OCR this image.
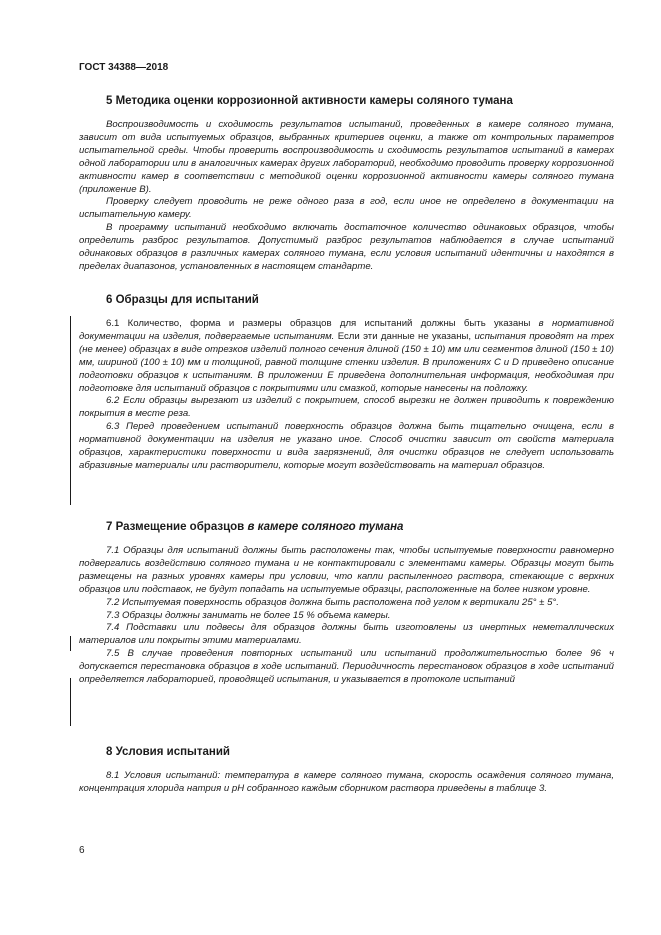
ГОСТ 34388—2018
5 Методика оценки коррозионной активности камеры соляного тумана

Воспроизводимость и сходимость результатов испытаний, проведенных в камере соляного тумана, зависит от вида испытуемых образцов, выбранных критериев оценки, а также от контрольных параметров испытательной среды. Чтобы проверить воспроизводимость и сходимость результатов испытаний в камерах одной лаборатории или в аналогичных камерах других лабораторий, необходимо проводить проверку коррозионной активности камер в соответствии с методикой оценки коррозионной активности камеры соляного тумана (приложение B).

Проверку следует проводить не реже одного раза в год, если иное не определено в документации на испытательную камеру.

В программу испытаний необходимо включать достаточное количество одинаковых образцов, чтобы определить разброс результатов. Допустимый разброс результатов наблюдается в случае испытаний одинаковых образцов в различных камерах соляного тумана, если условия испытаний идентичны и находятся в пределах диапазонов, установленных в настоящем стандарте.

6 Образцы для испытаний

6.1 Количество, форма и размеры образцов для испытаний должны быть указаны в нормативной документации на изделия, подвергаемые испытаниям. Если эти данные не указаны, испытания проводят на трех (не менее) образцах в виде отрезков изделий полного сечения длиной (150 ± 10) мм или сегментов длиной (150 ± 10) мм, шириной (100 ± 10) мм и толщиной, равной толщине стенки изделия. В приложениях C и D приведено описание подготовки образцов к испытаниям. В приложении E приведена дополнительная информация, необходимая при подготовке для испытаний образцов с покрытиями или смазкой, которые нанесены на подложку.

6.2 Если образцы вырезают из изделий с покрытием, способ вырезки не должен приводить к повреждению покрытия в месте реза.

6.3 Перед проведением испытаний поверхность образцов должна быть тщательно очищена, если в нормативной документации на изделия не указано иное. Способ очистки зависит от свойств материала образцов, характеристики поверхности и вида загрязнений, для очистки образцов не следует использовать абразивные материалы или растворители, которые могут воздействовать на материал образцов.

7 Размещение образцов в камере соляного тумана

7.1 Образцы для испытаний должны быть расположены так, чтобы испытуемые поверхности равномерно подвергались воздействию соляного тумана и не контактировали с элементами камеры. Образцы могут быть размещены на разных уровнях камеры при условии, что капли распыленного раствора, стекающие с верхних образцов или подставок, не будут попадать на испытуемые образцы, расположенные на более низком уровне.

7.2 Испытуемая поверхность образцов должна быть расположена под углом к вертикали 25° ± 5°.

7.3 Образцы должны занимать не более 15 % объема камеры.

7.4 Подставки или подвесы для образцов должны быть изготовлены из инертных неметаллических материалов или покрыты этими материалами.

7.5 В случае проведения повторных испытаний или испытаний продолжительностью более 96 ч допускается перестановка образцов в ходе испытаний. Периодичность перестановок образцов в ходе испытаний определяется лабораторией, проводящей испытания, и указывается в протоколе испытаний

8 Условия испытаний

8.1 Условия испытаний: температура в камере соляного тумана, скорость осаждения соляного тумана, концентрация хлорида натрия и pH собранного каждым сборником раствора приведены в таблице 3.

6
